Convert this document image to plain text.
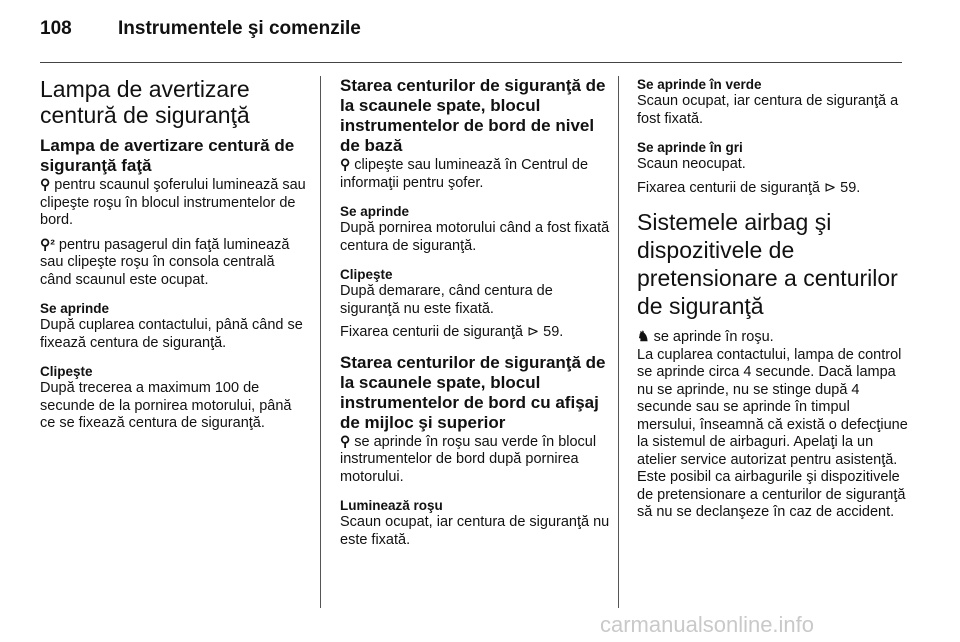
108 Instrumentele şi comenzile
Lampa de avertizare centură de siguranţă
Lampa de avertizare centură de siguranţă faţă

⚲ pentru scaunul şoferului luminează sau clipeşte roşu în blocul instrumentelor de bord.

⚲² pentru pasagerul din faţă luminează sau clipeşte roşu în consola centrală când scaunul este ocupat.

Se aprinde

După cuplarea contactului, până când se fixează centura de siguranţă.

Clipeşte

După trecerea a maximum 100 de secunde de la pornirea motorului, până ce se fixează centura de siguranţă.

Starea centurilor de siguranţă de la scaunele spate, blocul instrumentelor de bord de nivel de bază

⚲ clipeşte sau luminează în Centrul de informaţii pentru şofer.

Se aprinde

După pornirea motorului când a fost fixată centura de siguranţă.

Clipeşte

După demarare, când centura de siguranţă nu este fixată.

Fixarea centurii de siguranţă ⊳ 59.

Starea centurilor de siguranţă de la scaunele spate, blocul instrumentelor de bord cu afişaj de mijloc şi superior

⚲ se aprinde în roşu sau verde în blocul instrumentelor de bord după pornirea motorului.

Luminează roşu

Scaun ocupat, iar centura de siguranţă nu este fixată.

Se aprinde în verde

Scaun ocupat, iar centura de siguranţă a fost fixată.

Se aprinde în gri

Scaun neocupat.

Fixarea centurii de siguranţă ⊳ 59.

Sistemele airbag şi dispozitivele de pretensionare a centurilor de siguranţă

♞ se aprinde în roşu.

La cuplarea contactului, lampa de control se aprinde circa 4 secunde. Dacă lampa nu se aprinde, nu se stinge după 4 secunde sau se aprinde în timpul mersului, înseamnă că există o defecţiune la sistemul de airbaguri. Apelaţi la un atelier service autorizat pentru asistenţă. Este posibil ca airbagurile şi dispozitivele de pretensionare a centurilor de siguranţă să nu se declanşeze în caz de accident.

carmanualsonline.info
